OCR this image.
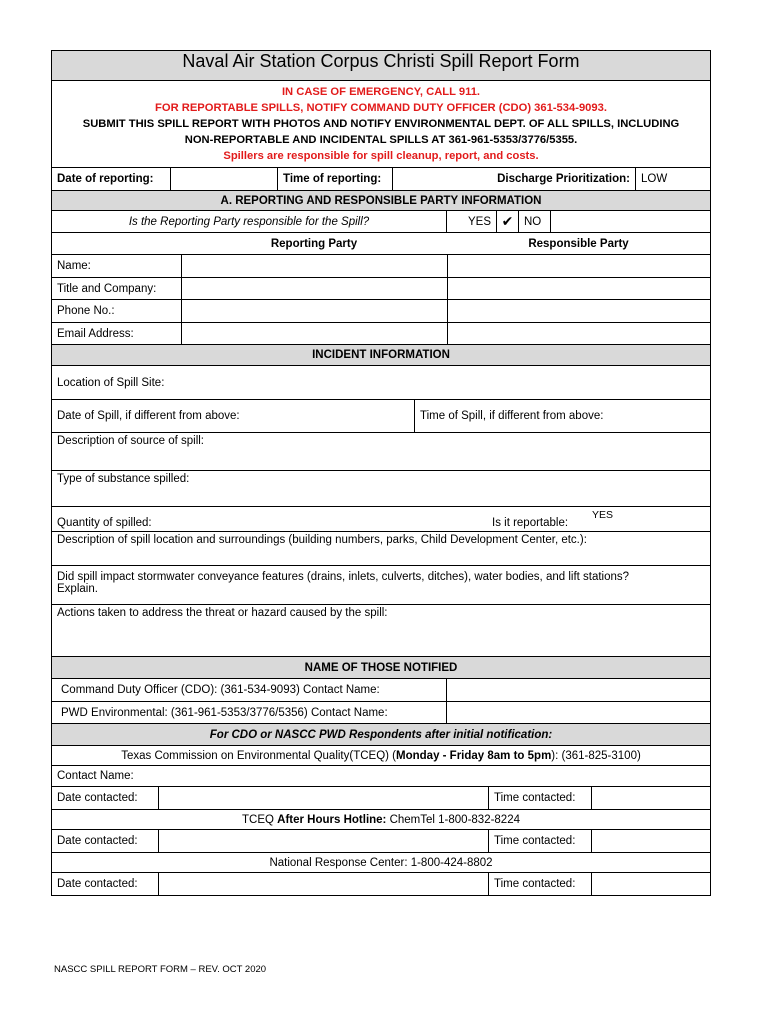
Naval Air Station Corpus Christi Spill Report Form
IN CASE OF EMERGENCY, CALL 911.
FOR REPORTABLE SPILLS, NOTIFY COMMAND DUTY OFFICER (CDO) 361-534-9093.
SUBMIT THIS SPILL REPORT WITH PHOTOS AND NOTIFY ENVIRONMENTAL DEPT. OF ALL SPILLS, INCLUDING
NON-REPORTABLE AND INCIDENTAL SPILLS AT 361-961-5353/3776/5355.
Spillers are responsible for spill cleanup, report, and costs.
Date of reporting:	Time of reporting:	Discharge Prioritization: LOW
A. REPORTING AND RESPONSIBLE PARTY INFORMATION
Is the Reporting Party responsible for the Spill?	YES ✔ NO
Reporting Party	Responsible Party
Name:
Title and Company:
Phone No.:
Email Address:
INCIDENT INFORMATION
Location of Spill Site:
Date of Spill, if different from above:	Time of Spill, if different from above:
Description of source of spill:
Type of substance spilled:
Quantity of spilled:	Is it reportable:
YES
Description of spill location and surroundings (building numbers, parks, Child Development Center, etc.):
Did spill impact stormwater conveyance features (drains, inlets, culverts, ditches), water bodies, and lift stations?
Explain.
Actions taken to address the threat or hazard caused by the spill:
NAME OF THOSE NOTIFIED
Command Duty Officer (CDO): (361-534-9093) Contact Name:
PWD Environmental: (361-961-5353/3776/5356) Contact Name:
For CDO or NASCC PWD Respondents after initial notification:
Texas Commission on Environmental Quality(TCEQ) (Monday - Friday 8am to 5pm): (361-825-3100)
Contact Name:
Date contacted:	Time contacted:
TCEQ After Hours Hotline: ChemTel 1-800-832-8224
Date contacted:	Time contacted:
National Response Center: 1-800-424-8802
Date contacted:	Time contacted:
NASCC SPILL REPORT FORM – REV. OCT 2020
